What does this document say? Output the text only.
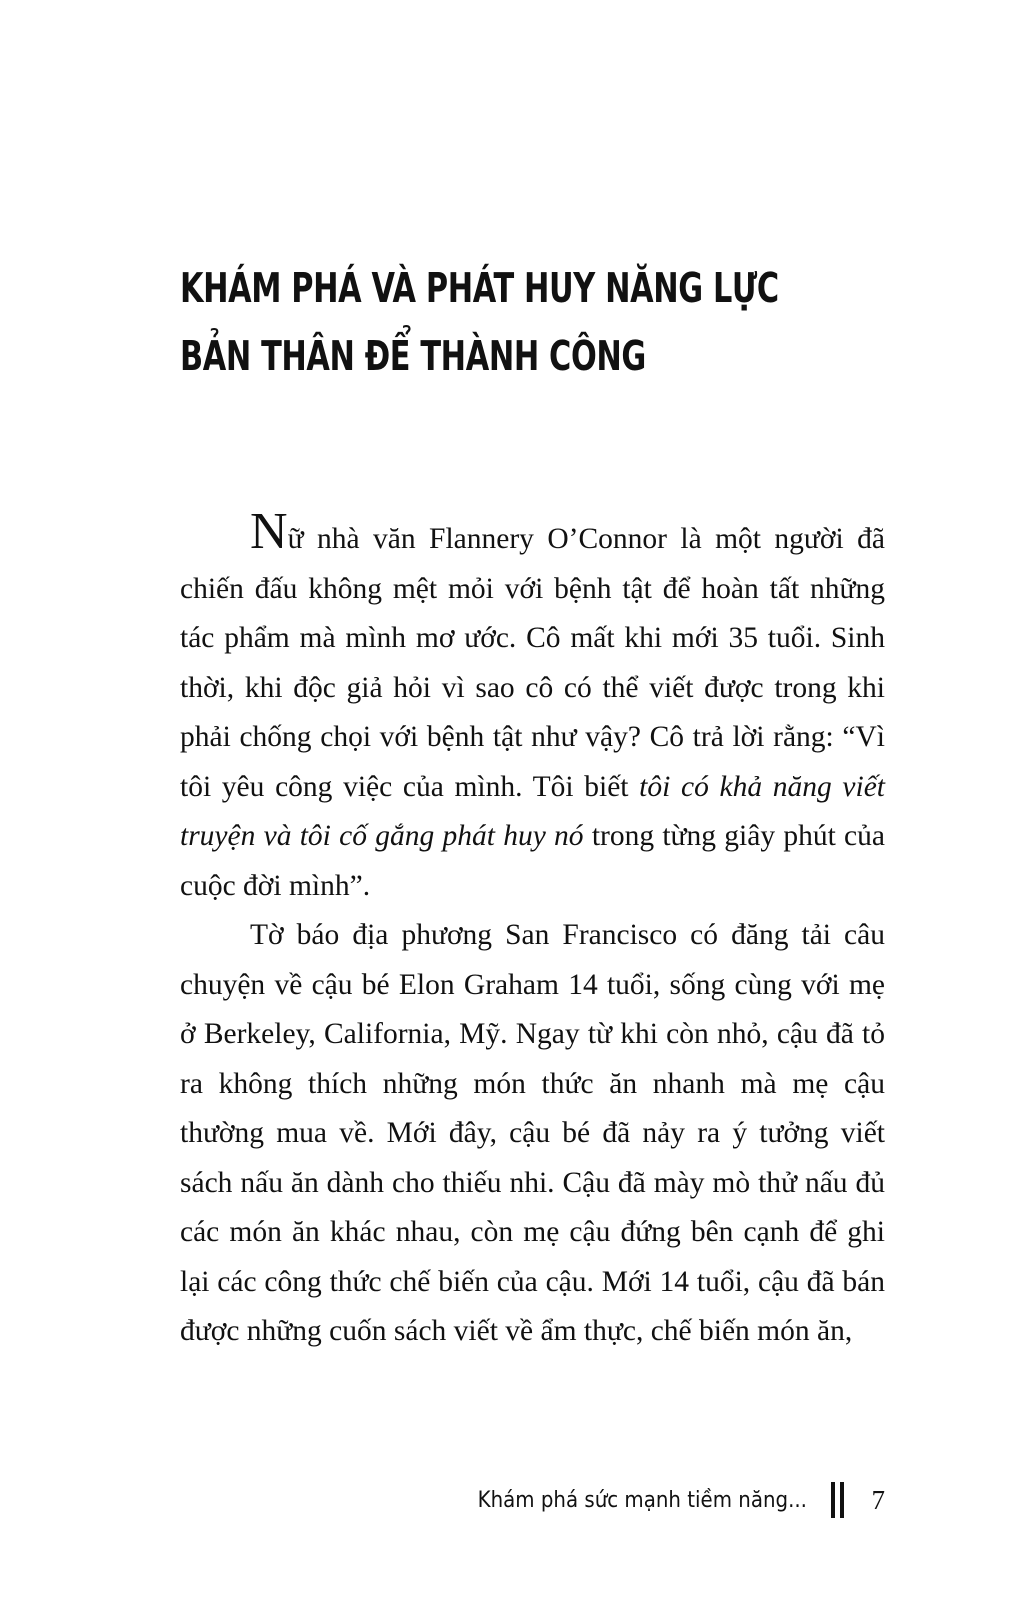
KHÁM PHÁ VÀ PHÁT HUY NĂNG LỰC
BẢN THÂN ĐỂ THÀNH CÔNG

Nữ nhà văn Flannery O’Connor là một người đã chiến đấu không mệt mỏi với bệnh tật để hoàn tất những tác phẩm mà mình mơ ước. Cô mất khi mới 35 tuổi. Sinh thời, khi độc giả hỏi vì sao cô có thể viết được trong khi phải chống chọi với bệnh tật như vậy? Cô trả lời rằng: “Vì tôi yêu công việc của mình. Tôi biết tôi có khả năng viết truyện và tôi cố gắng phát huy nó trong từng giây phút của cuộc đời mình”.

Tờ báo địa phương San Francisco có đăng tải câu chuyện về cậu bé Elon Graham 14 tuổi, sống cùng với mẹ ở Berkeley, California, Mỹ. Ngay từ khi còn nhỏ, cậu đã tỏ ra không thích những món thức ăn nhanh mà mẹ cậu thường mua về. Mới đây, cậu bé đã nảy ra ý tưởng viết sách nấu ăn dành cho thiếu nhi. Cậu đã mày mò thử nấu đủ các món ăn khác nhau, còn mẹ cậu đứng bên cạnh để ghi lại các công thức chế biến của cậu. Mới 14 tuổi, cậu đã bán được những cuốn sách viết về ẩm thực, chế biến món ăn,

Khám phá sức mạnh tiềm năng... 7
